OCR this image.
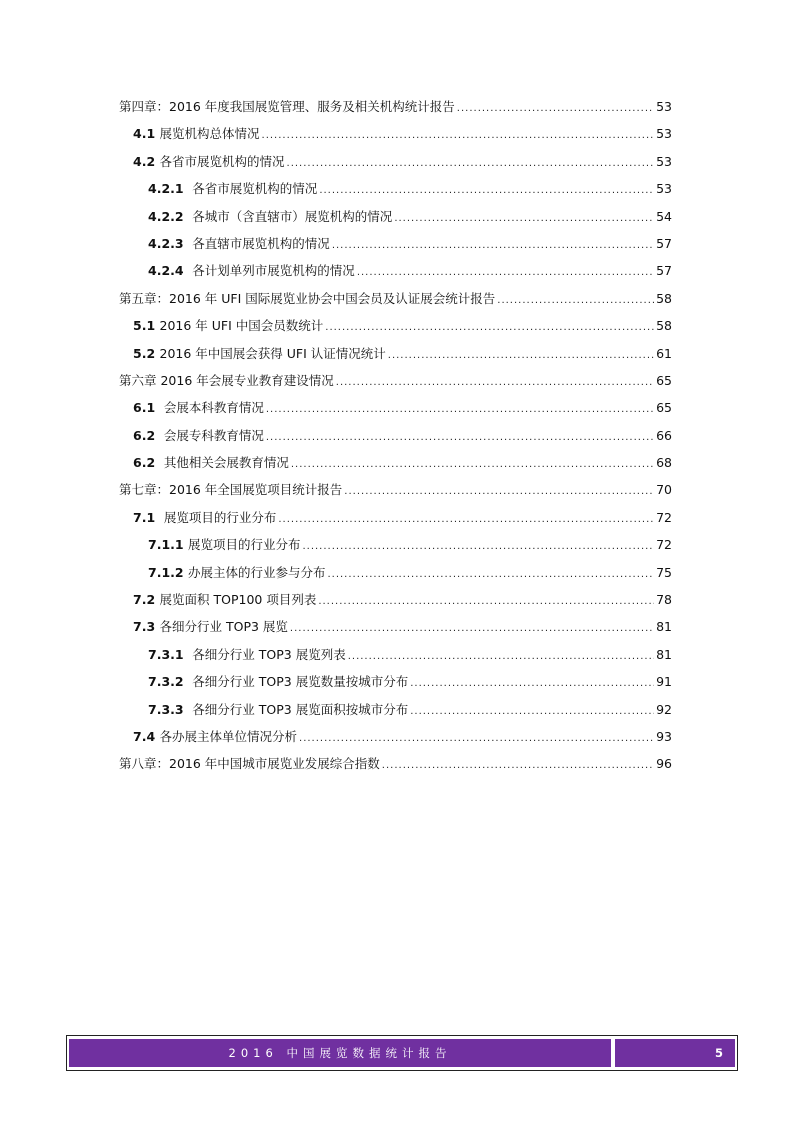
第四章：2016 年度我国展览管理、服务及相关机构统计报告 .....	53
4.1 展览机构总体情况 .....	53
4.2 各省市展览机构的情况 .....	53
4.2.1 各省市展览机构的情况 .....	53
4.2.2 各城市（含直辖市）展览机构的情况 .....	54
4.2.3 各直辖市展览机构的情况 .....	57
4.2.4 各计划单列市展览机构的情况 .....	57
第五章：2016 年 UFI 国际展览业协会中国会员及认证展会统计报告 .....	58
5.1 2016 年 UFI 中国会员数统计 .....	58
5.2 2016 年中国展会获得 UFI 认证情况统计 .....	61
第六章 2016 年会展专业教育建设情况 .....	65
6.1 会展本科教育情况 .....	65
6.2 会展专科教育情况 .....	66
6.2 其他相关会展教育情况 .....	68
第七章：2016 年全国展览项目统计报告 .....	70
7.1 展览项目的行业分布 .....	72
7.1.1 展览项目的行业分布 .....	72
7.1.2 办展主体的行业参与分布 .....	75
7.2 展览面积 TOP100 项目列表 .....	78
7.3 各细分行业 TOP3 展览 .....	81
7.3.1 各细分行业 TOP3 展览列表 .....	81
7.3.2 各细分行业 TOP3 展览数量按城市分布 .....	91
7.3.3 各细分行业 TOP3 展览面积按城市分布 .....	92
7.4 各办展主体单位情况分析 .....	93
第八章：2016 年中国城市展览业发展综合指数 .....	96
2016 中国展览数据统计报告	5
